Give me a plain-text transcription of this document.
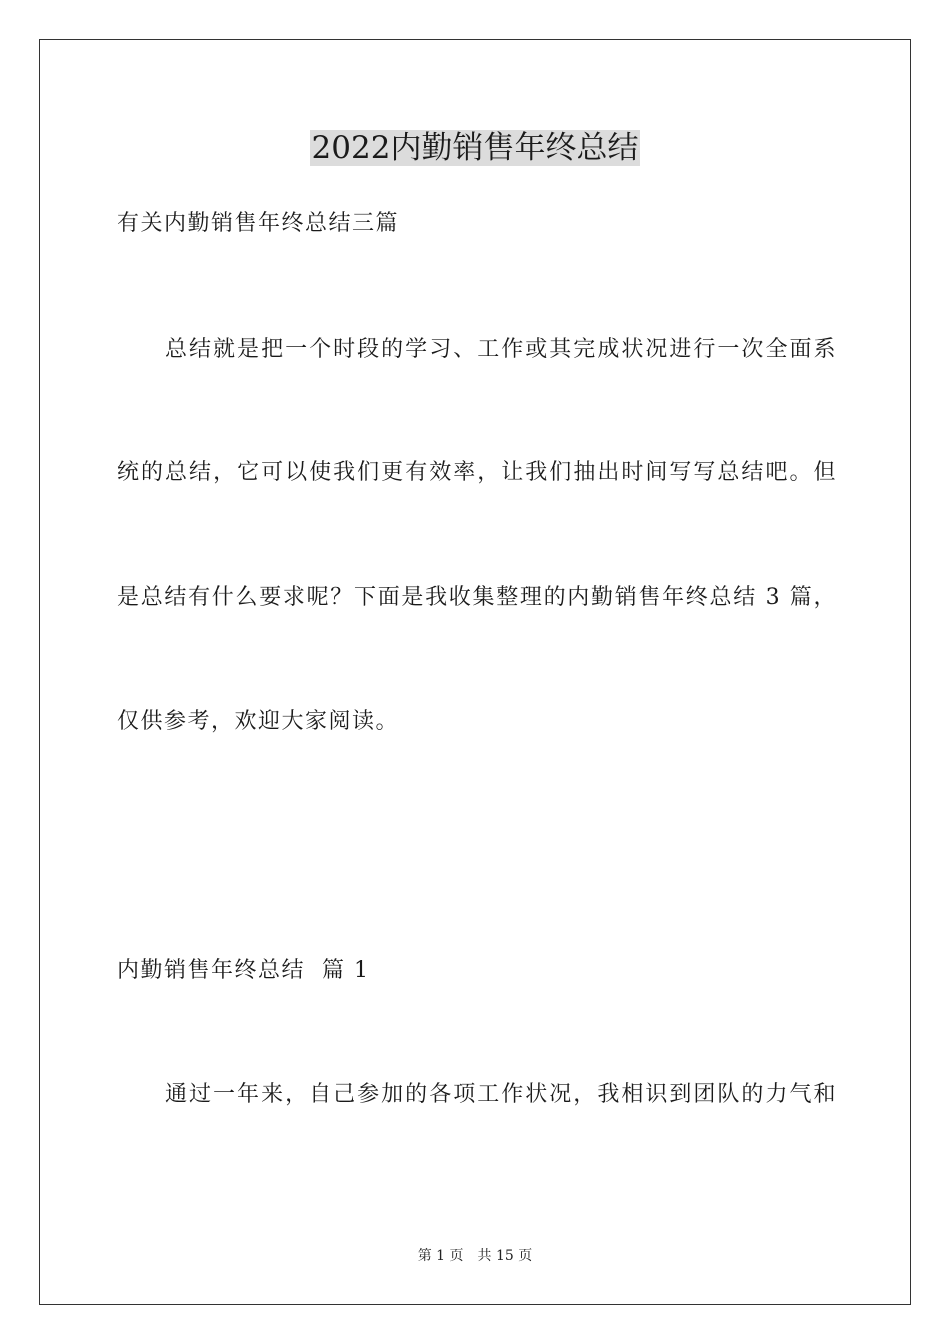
2022内勤销售年终总结

有关内勤销售年终总结三篇

总结就是把一个时段的学习、工作或其完成状况进行一次全面系

统的总结，它可以使我们更有效率，让我们抽出时间写写总结吧。但

是总结有什么要求呢？下面是我收集整理的内勤销售年终总结 3 篇，

仅供参考，欢迎大家阅读。

内勤销售年终总结  篇 1

通过一年来，自己参加的各项工作状况，我相识到团队的力气和

第 1 页 共 15 页
